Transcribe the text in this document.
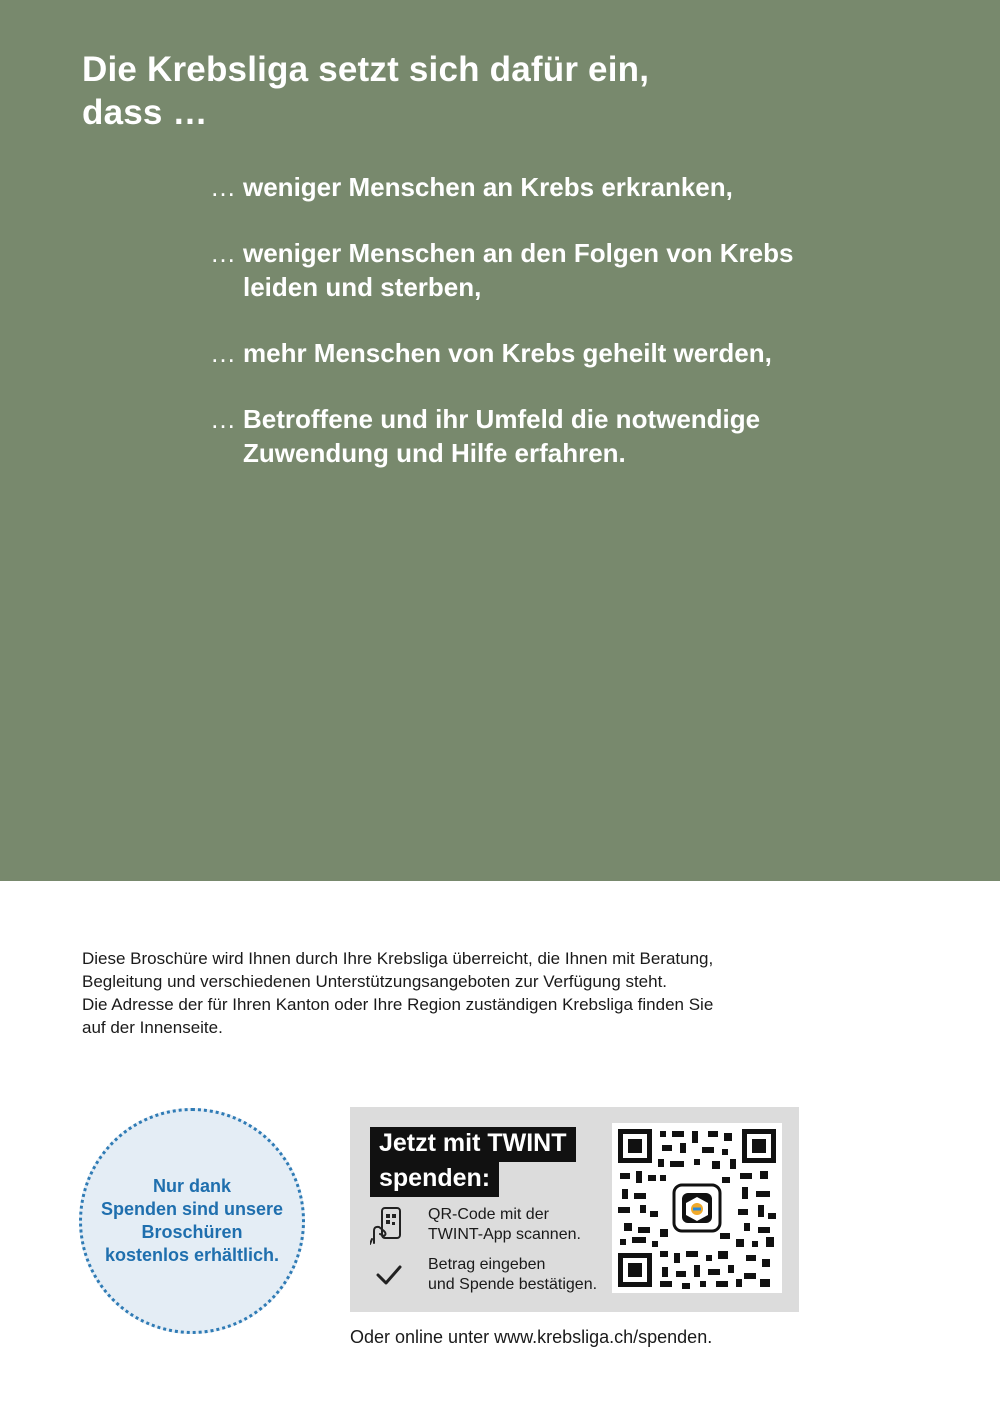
Die Krebsliga setzt sich dafür ein,
dass …
… weniger Menschen an Krebs erkranken,
… weniger Menschen an den Folgen von Krebs leiden und sterben,
… mehr Menschen von Krebs geheilt werden,
… Betroffene und ihr Umfeld die notwendige Zuwendung und Hilfe erfahren.

Diese Broschüre wird Ihnen durch Ihre Krebsliga überreicht, die Ihnen mit Beratung,
Begleitung und verschiedenen Unterstützungsangeboten zur Verfügung steht.
Die Adresse der für Ihren Kanton oder Ihre Region zuständigen Krebsliga finden Sie
auf der Innenseite.

Nur dank
Spenden sind unsere
Broschüren
kostenlos erhältlich.
Jetzt mit TWINT
spenden:
QR-Code mit der
TWINT-App scannen.
Betrag eingeben
und Spende bestätigen.

Oder online unter www.krebsliga.ch/spenden.
